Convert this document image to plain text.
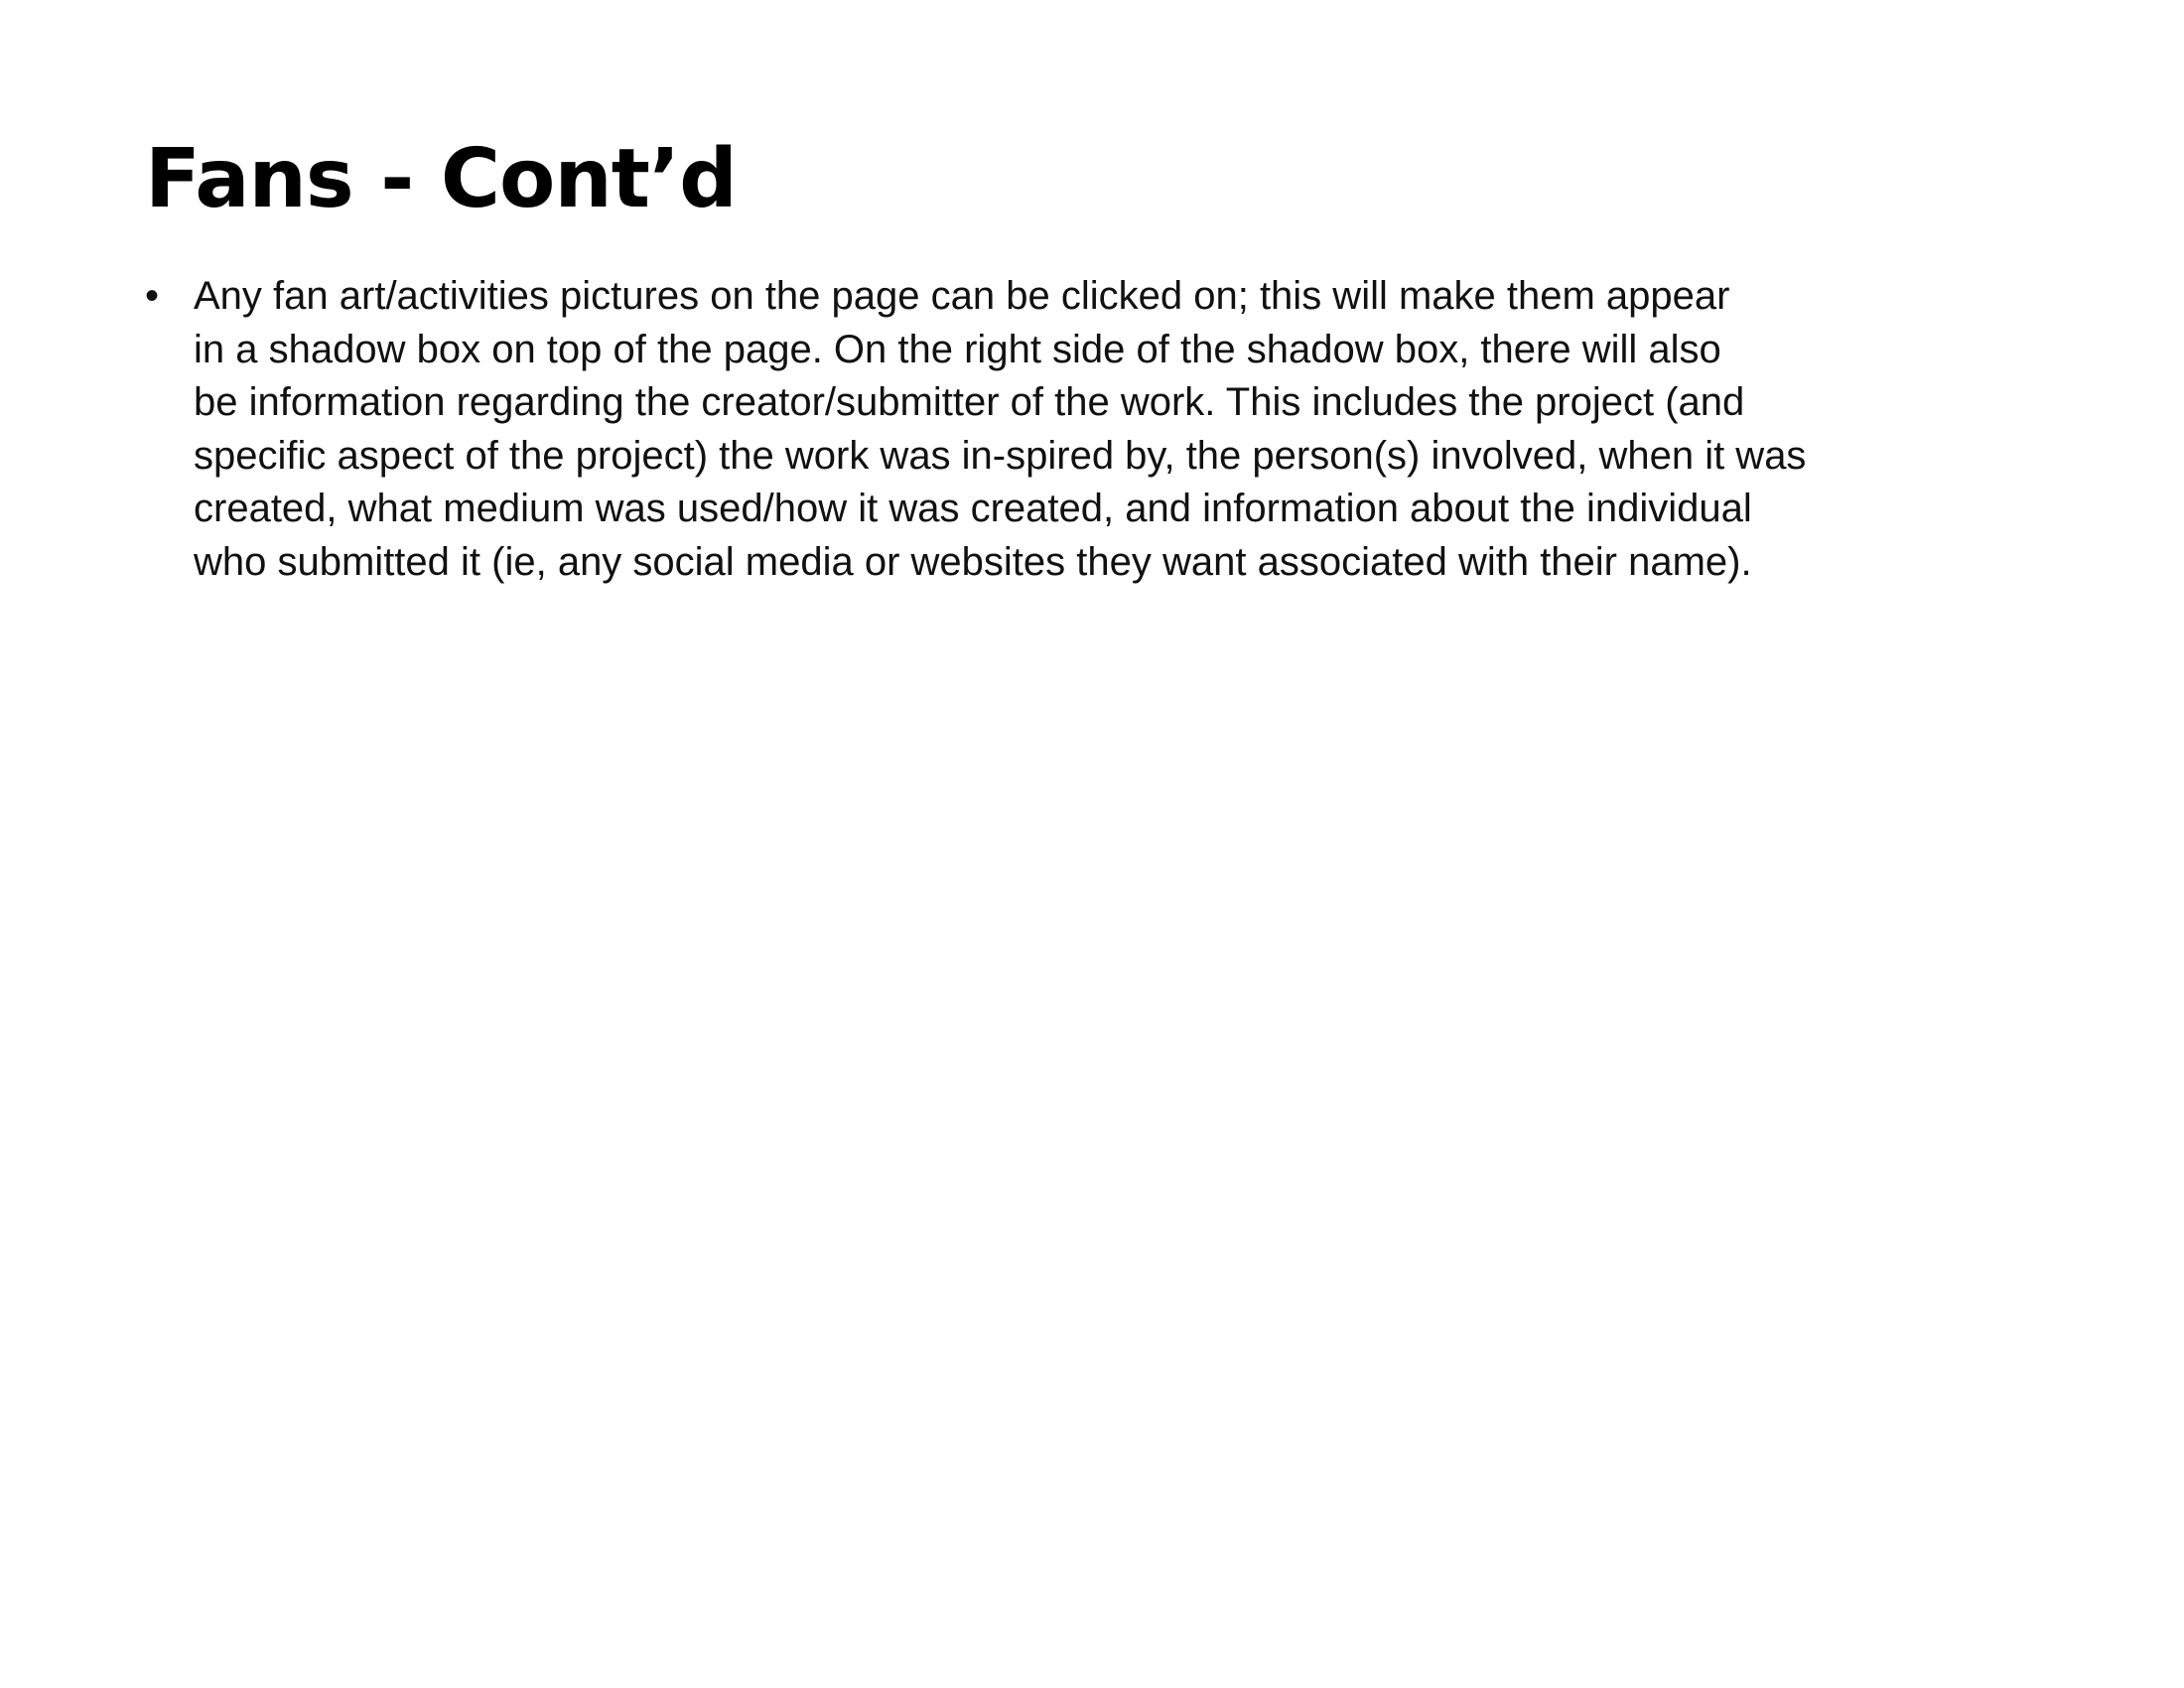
Fans - Cont’d
• Any fan art/activities pictures on the page can be clicked on; this will make them appear
in a shadow box on top of the page. On the right side of the shadow box, there will also
be information regarding the creator/submitter of the work. This includes the project (and
specific aspect of the project) the work was in-spired by, the person(s) involved, when it was
created, what medium was used/how it was created, and information about the individual
who submitted it (ie, any social media or websites they want associated with their name).
